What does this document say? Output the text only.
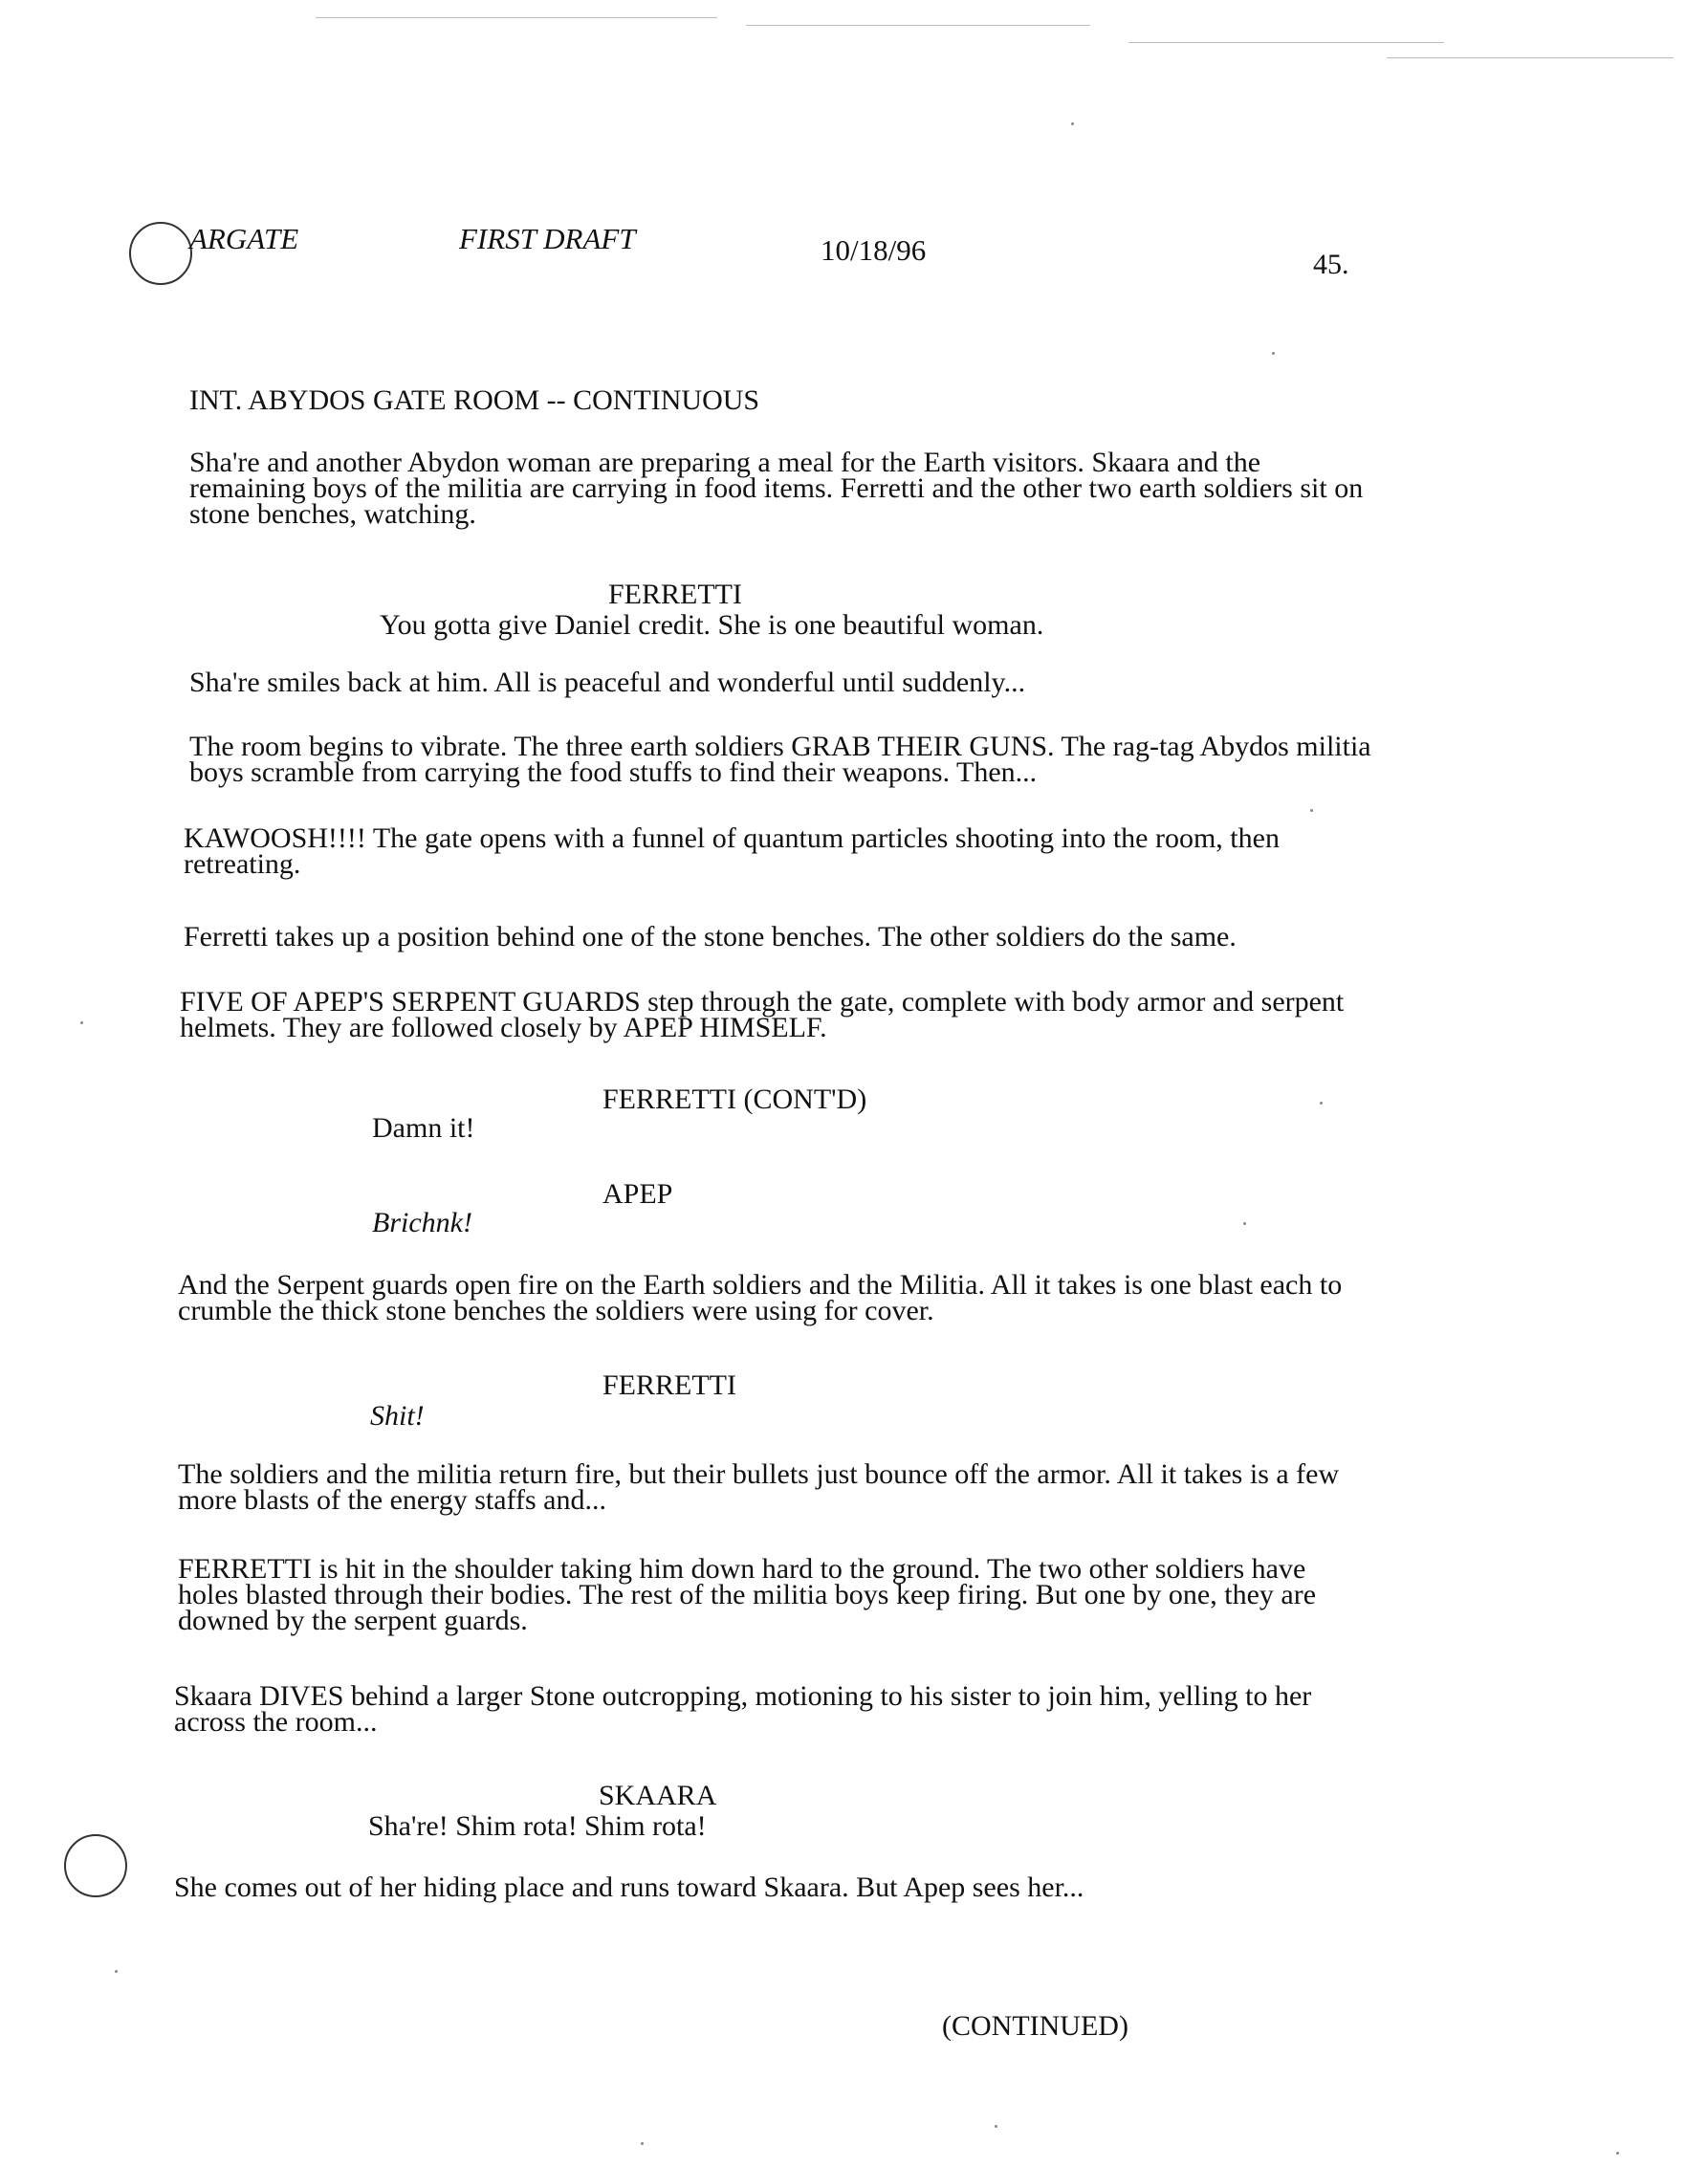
ARGATE	FIRST DRAFT	10/18/96	45.
INT. ABYDOS GATE ROOM -- CONTINUOUS
Sha're and another Abydon woman are preparing a meal for the Earth visitors. Skaara and the remaining boys of the militia are carrying in food items. Ferretti and the other two earth soldiers sit on stone benches, watching.
FERRETTI
You gotta give Daniel credit. She is one beautiful woman.
Sha're smiles back at him. All is peaceful and wonderful until suddenly...
The room begins to vibrate. The three earth soldiers GRAB THEIR GUNS. The rag-tag Abydos militia boys scramble from carrying the food stuffs to find their weapons. Then...
KAWOOSH!!!! The gate opens with a funnel of quantum particles shooting into the room, then retreating.
Ferretti takes up a position behind one of the stone benches. The other soldiers do the same.
FIVE OF APEP'S SERPENT GUARDS step through the gate, complete with body armor and serpent helmets. They are followed closely by APEP HIMSELF.
FERRETTI (CONT'D)
Damn it!
APEP
Brichnk!
And the Serpent guards open fire on the Earth soldiers and the Militia. All it takes is one blast each to crumble the thick stone benches the soldiers were using for cover.
FERRETTI
Shit!
The soldiers and the militia return fire, but their bullets just bounce off the armor. All it takes is a few more blasts of the energy staffs and...
FERRETTI is hit in the shoulder taking him down hard to the ground. The two other soldiers have holes blasted through their bodies. The rest of the militia boys keep firing. But one by one, they are downed by the serpent guards.
Skaara DIVES behind a larger Stone outcropping, motioning to his sister to join him, yelling to her across the room...
SKAARA
Sha're! Shim rota! Shim rota!
She comes out of her hiding place and runs toward Skaara. But Apep sees her...
(CONTINUED)
